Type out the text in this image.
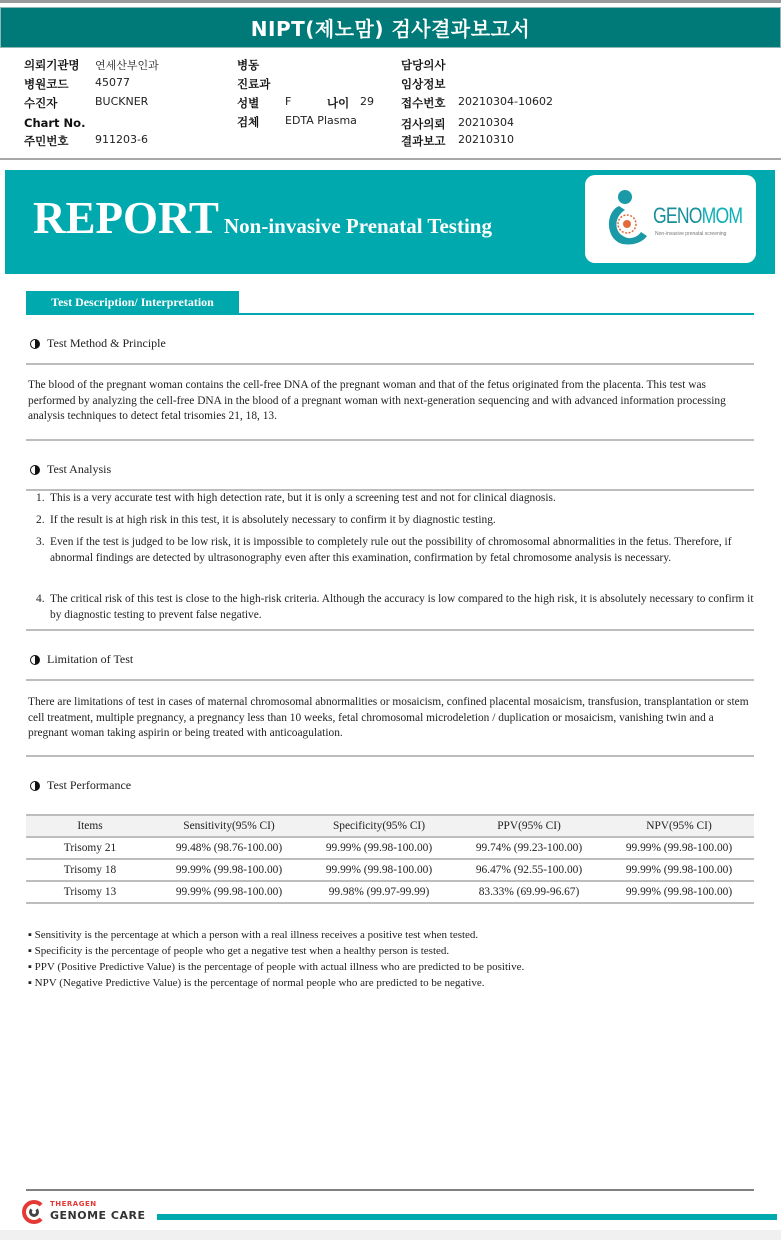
NIPT(제노맘) 검사결과보고서
의뢰기관명 연세산부인과
병원코드 45077
수진자	BUCKNER
Chart No.
주민번호 911203-6
병동
진료과
성별 F	나이 29
검체 EDTA Plasma
담당의사
임상정보
접수번호 20210304-10602
검사의뢰 20210304
결과보고 20210310
REPORT Non-invasive Prenatal Testing	GENOMOM
Non-invasive prenatal screening
Test Description/ Interpretation
Test Method & Principle
The blood of the pregnant woman contains the cell-free DNA of the pregnant woman and that of the fetus originated from the placenta. This test was performed by analyzing the cell-free DNA in the blood of a pregnant woman with next-generation sequencing and with advanced information processing analysis techniques to detect fetal trisomies 21, 18, 13.
Test Analysis
1. This is a very accurate test with high detection rate, but it is only a screening test and not for clinical diagnosis.
2. If the result is at high risk in this test, it is absolutely necessary to confirm it by diagnostic testing.
3. Even if the test is judged to be low risk, it is impossible to completely rule out the possibility of chromosomal abnormalities in the fetus. Therefore, if abnormal findings are detected by ultrasonography even after this examination, confirmation by fetal chromosome analysis is necessary.
4. The critical risk of this test is close to the high-risk criteria. Although the accuracy is low compared to the high risk, it is absolutely necessary to confirm it by diagnostic testing to prevent false negative.
Limitation of Test
There are limitations of test in cases of maternal chromosomal abnormalities or mosaicism, confined placental mosaicism, transfusion, transplantation or stem cell treatment, multiple pregnancy, a pregnancy less than 10 weeks, fetal chromosomal microdeletion / duplication or mosaicism, vanishing twin and a pregnant woman taking aspirin or being treated with anticoagulation.
Test Performance
Items	Sensitivity(95% CI)	Specificity(95% CI)	PPV(95% CI)	NPV(95% CI)
Trisomy 21	99.48% (98.76-100.00)	99.99% (99.98-100.00)	99.74% (99.23-100.00)	99.99% (99.98-100.00)
Trisomy 18	99.99% (99.98-100.00)	99.99% (99.98-100.00)	96.47% (92.55-100.00)	99.99% (99.98-100.00)
Trisomy 13	99.99% (99.98-100.00)	99.98% (99.97-99.99)	83.33% (69.99-96.67)	99.99% (99.98-100.00)
▪ Sensitivity is the percentage at which a person with a real illness receives a positive test when tested.
▪ Specificity is the percentage of people who get a negative test when a healthy person is tested.
▪ PPV (Positive Predictive Value) is the percentage of people with actual illness who are predicted to be positive.
▪ NPV (Negative Predictive Value) is the percentage of normal people who are predicted to be negative.
THERAGEN
GENOME CARE
